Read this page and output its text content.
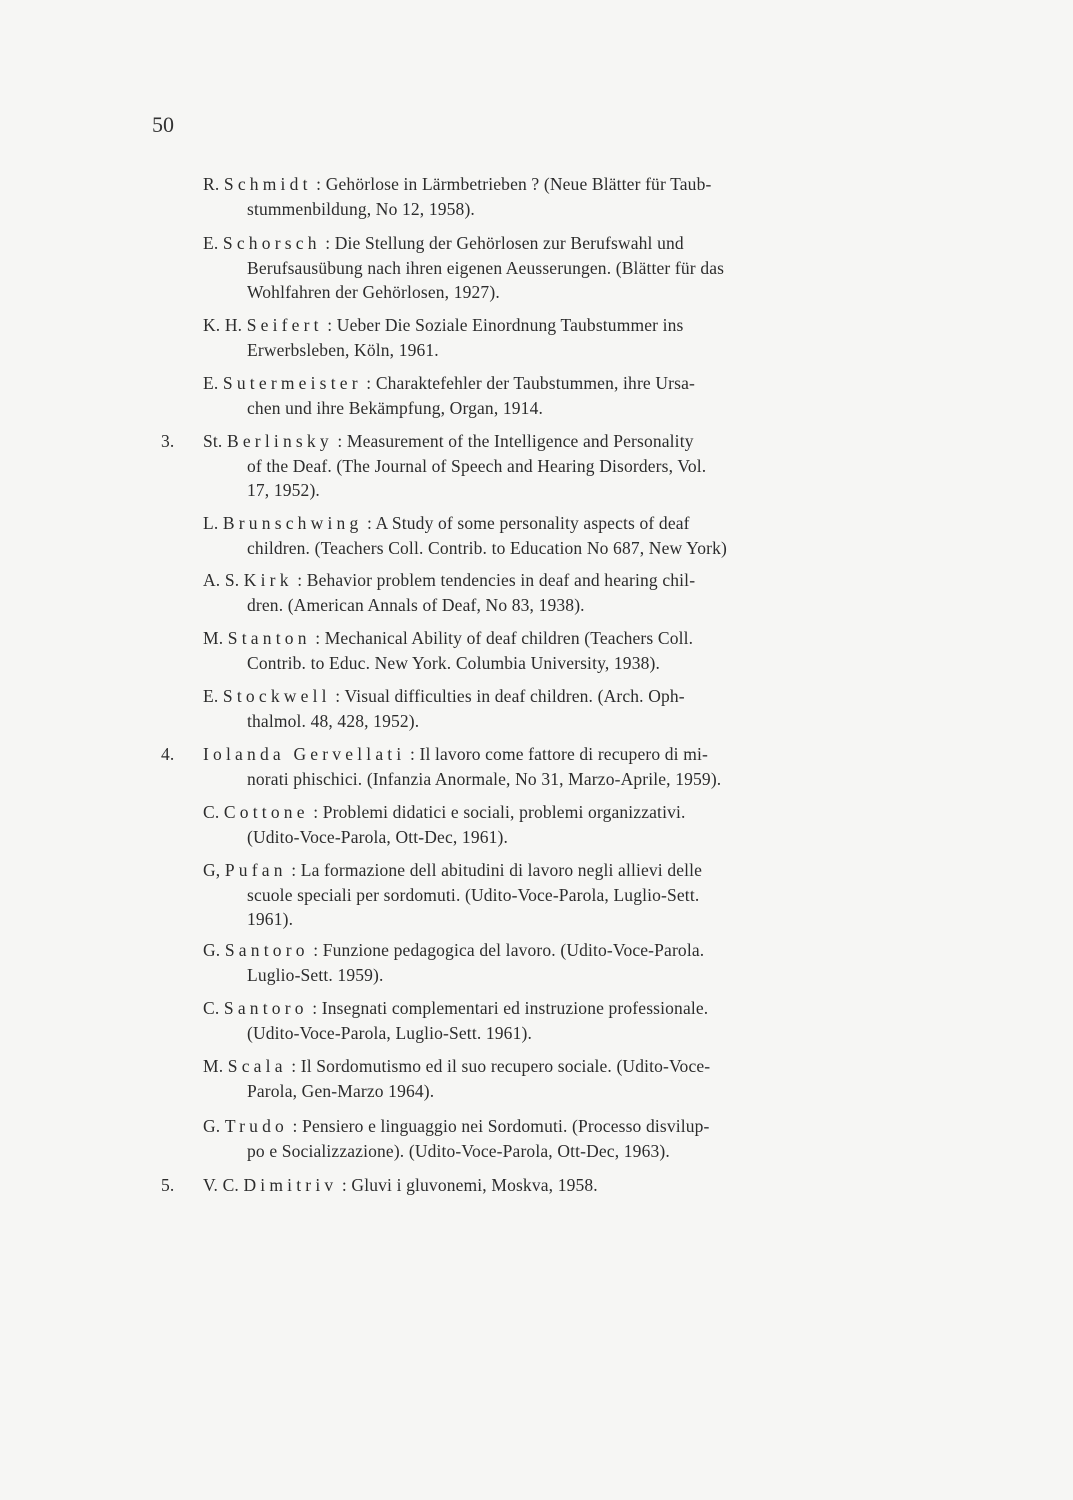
50
R. Schmidt : Gehörlose in Lärmbetrieben ? (Neue Blätter für Taub-
stummenbildung, No 12, 1958).
E. Schorsch : Die Stellung der Gehörlosen zur Berufswahl und
Berufsausübung nach ihren eigenen Aeusserungen. (Blätter für das
Wohlfahren der Gehörlosen, 1927).
K. H. Seifert : Ueber Die Soziale Einordnung Taubstummer ins
Erwerbsleben, Köln, 1961.
E. Sutermeister : Charaktefehler der Taubstummen, ihre Ursa-
chen und ihre Bekämpfung, Organ, 1914.
3. St. Berlinsky : Measurement of the Intelligence and Personality
of the Deaf. (The Journal of Speech and Hearing Disorders, Vol.
17, 1952).
L. Brunschwing : A Study of some personality aspects of deaf
children. (Teachers Coll. Contrib. to Education No 687, New York)
A. S. Kirk : Behavior problem tendencies in deaf and hearing chil-
dren. (American Annals of Deaf, No 83, 1938).
M. Stanton : Mechanical Ability of deaf children (Teachers Coll.
Contrib. to Educ. New York. Columbia University, 1938).
E. Stockwell : Visual difficulties in deaf children. (Arch. Oph-
thalmol. 48, 428, 1952).
4. Iolanda Gervellati : Il lavoro come fattore di recupero di mi-
norati phischici. (Infanzia Anormale, No 31, Marzo-Aprile, 1959).
C. Cottone : Problemi didatici e sociali, problemi organizzativi.
(Udito-Voce-Parola, Ott-Dec, 1961).
G, Pufan : La formazione dell abitudini di lavoro negli allievi delle
scuole speciali per sordomuti. (Udito-Voce-Parola, Luglio-Sett.
1961).
G. Santoro : Funzione pedagogica del lavoro. (Udito-Voce-Parola.
Luglio-Sett. 1959).
C. Santoro : Insegnati complementari ed instruzione professionale.
(Udito-Voce-Parola, Luglio-Sett. 1961).
M. Scala : Il Sordomutismo ed il suo recupero sociale. (Udito-Voce-
Parola, Gen-Marzo 1964).
G. Trudo : Pensiero e linguaggio nei Sordomuti. (Processo disvilup-
po e Socializzazione). (Udito-Voce-Parola, Ott-Dec, 1963).
5. V. C. Dimitriv : Gluvi i gluvonemi, Moskva, 1958.
